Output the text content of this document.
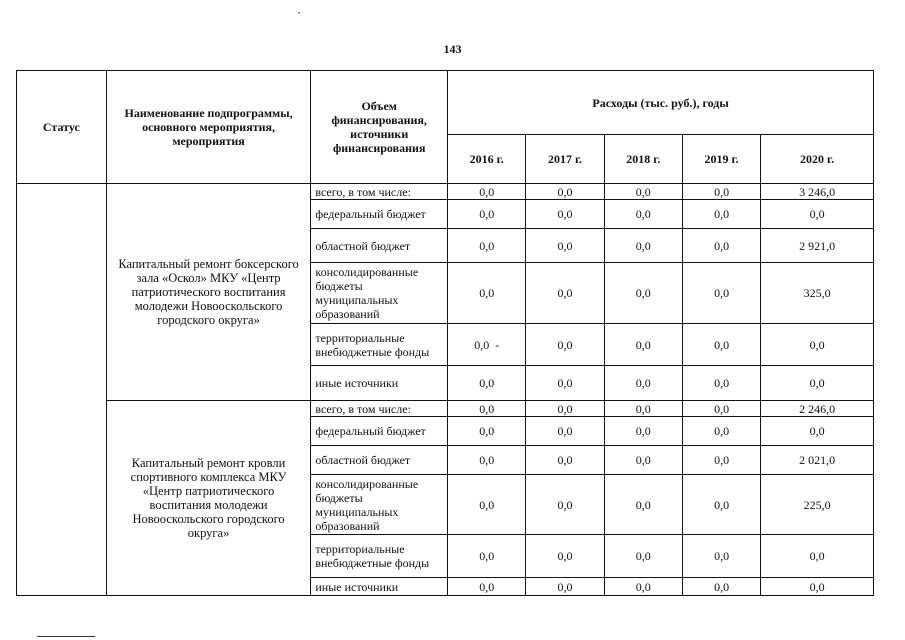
143
Статус	Наименование подпрограммы, основного мероприятия, мероприятия	Объем финансирования, источники финансирования	Расходы (тыс. руб.), годы				
			2016 г.	2017 г.	2018 г.	2019 г.	2020 г.
	Капитальный ремонт боксерского зала «Оскол» МКУ «Центр патриотического воспитания молодежи Новооскольского городского округа»	всего, в том числе:	0,0	0,0	0,0	0,0	3 246,0
		федеральный бюджет	0,0	0,0	0,0	0,0	0,0
		областной бюджет	0,0	0,0	0,0	0,0	2 921,0
		консолидированные бюджеты муниципальных образований	0,0	0,0	0,0	0,0	325,0
		территориальные внебюджетные фонды	0,0 -	0,0	0,0	0,0	0,0
		иные источники	0,0	0,0	0,0	0,0	0,0
	Капитальный ремонт кровли спортивного комплекса МКУ «Центр патриотического воспитания молодежи Новооскольского городского округа»	всего, в том числе:	0,0	0,0	0,0	0,0	2 246,0
		федеральный бюджет	0,0	0,0	0,0	0,0	0,0
		областной бюджет	0,0	0,0	0,0	0,0	2 021,0
		консолидированные бюджеты муниципальных образований	0,0	0,0	0,0	0,0	225,0
		территориальные внебюджетные фонды	0,0	0,0	0,0	0,0	0,0
		иные источники	0,0	0,0	0,0	0,0	0,0
